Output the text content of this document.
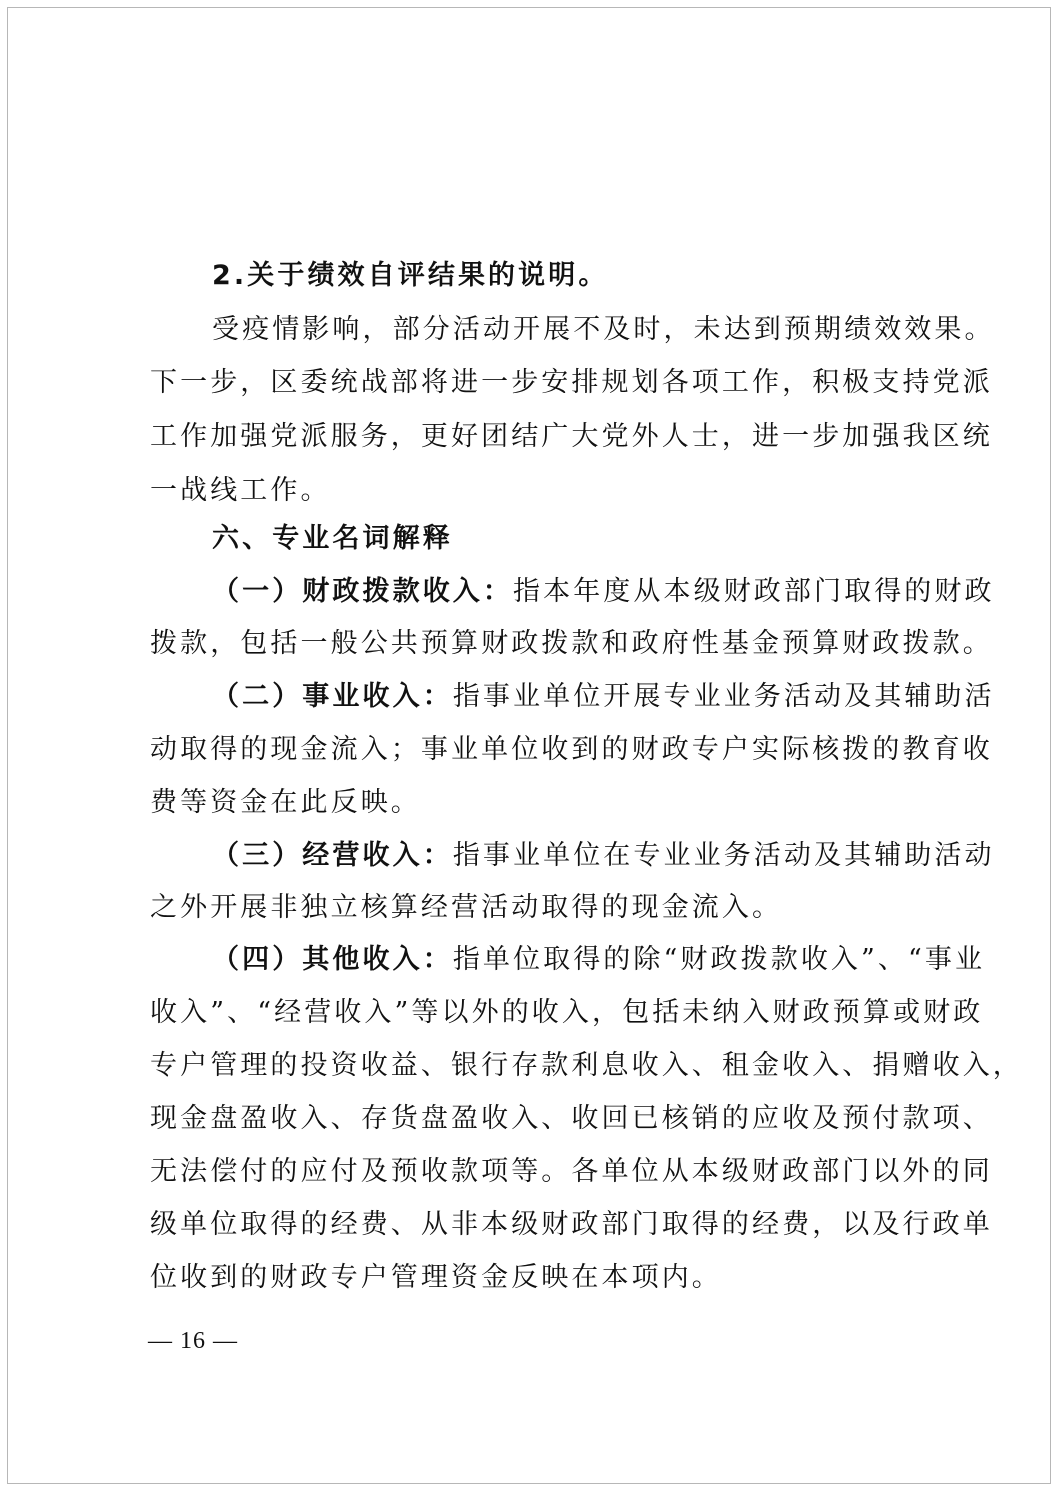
2.关于绩效自评结果的说明。
受疫情影响，部分活动开展不及时，未达到预期绩效效果。
下一步，区委统战部将进一步安排规划各项工作，积极支持党派
工作加强党派服务，更好团结广大党外人士，进一步加强我区统
一战线工作。
六、专业名词解释
（一）财政拨款收入：指本年度从本级财政部门取得的财政
拨款，包括一般公共预算财政拨款和政府性基金预算财政拨款。
（二）事业收入：指事业单位开展专业业务活动及其辅助活
动取得的现金流入；事业单位收到的财政专户实际核拨的教育收
费等资金在此反映。
（三）经营收入：指事业单位在专业业务活动及其辅助活动
之外开展非独立核算经营活动取得的现金流入。
（四）其他收入：指单位取得的除“财政拨款收入”、“事业
收入”、“经营收入”等以外的收入，包括未纳入财政预算或财政
专户管理的投资收益、银行存款利息收入、租金收入、捐赠收入，
现金盘盈收入、存货盘盈收入、收回已核销的应收及预付款项、
无法偿付的应付及预收款项等。各单位从本级财政部门以外的同
级单位取得的经费、从非本级财政部门取得的经费，以及行政单
位收到的财政专户管理资金反映在本项内。
— 16 —
